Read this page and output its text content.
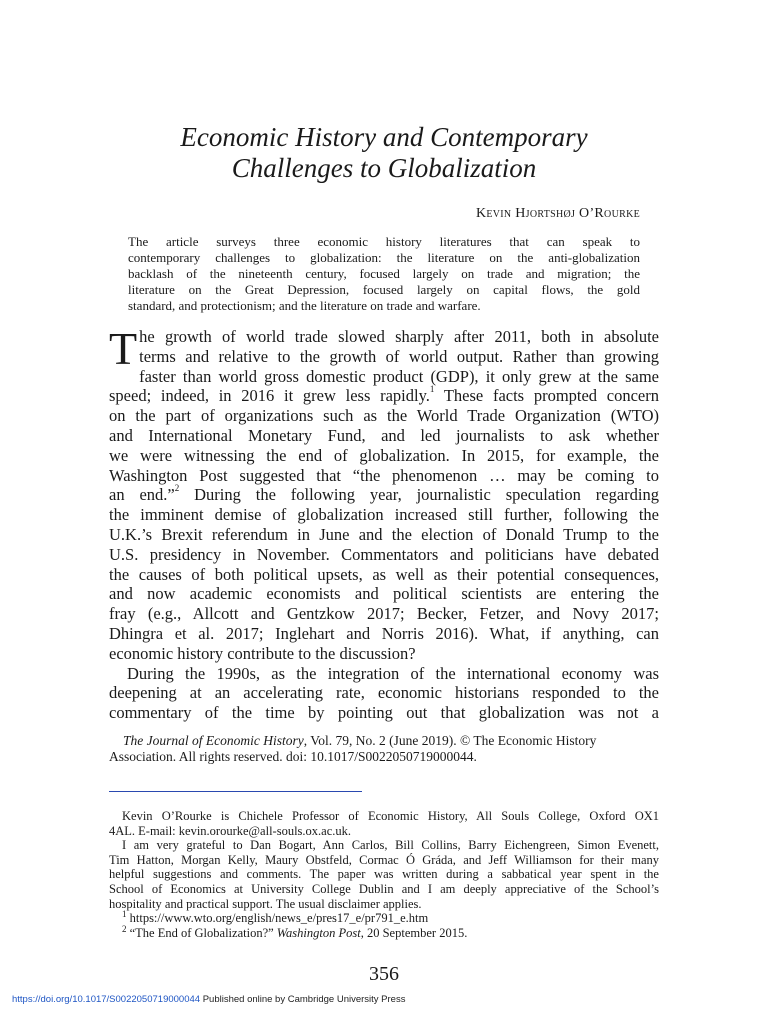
Economic History and Contemporary
Challenges to Globalization
Kevin Hjortshøj O’Rourke
The article surveys three economic history literatures that can speak to
contemporary challenges to globalization: the literature on the anti-globalization
backlash of the nineteenth century, focused largely on trade and migration; the
literature on the Great Depression, focused largely on capital flows, the gold
standard, and protectionism; and the literature on trade and warfare.
T he growth of world trade slowed sharply after 2011, both in absolute
terms and relative to the growth of world output. Rather than growing
faster than world gross domestic product (GDP), it only grew at the same
speed; indeed, in 2016 it grew less rapidly.$^1$ These facts prompted concern
on the part of organizations such as the World Trade Organization (WTO)
and International Monetary Fund, and led journalists to ask whether
we were witnessing the end of globalization. In 2015, for example, the
Washington Post suggested that “the phenomenon … may be coming to
an end.”$^2$ During the following year, journalistic speculation regarding
the imminent demise of globalization increased still further, following the
U.K.’s Brexit referendum in June and the election of Donald Trump to the
U.S. presidency in November. Commentators and politicians have debated
the causes of both political upsets, as well as their potential consequences,
and now academic economists and political scientists are entering the
fray (e.g., Allcott and Gentzkow 2017; Becker, Fetzer, and Novy 2017;
Dhingra et al. 2017; Inglehart and Norris 2016). What, if anything, can
economic history contribute to the discussion?
During the 1990s, as the integration of the international economy was
deepening at an accelerating rate, economic historians responded to the
commentary of the time by pointing out that globalization was not a
The Journal of Economic History, Vol. 79, No. 2 (June 2019). © The Economic History
Association. All rights reserved. doi: 10.1017/S0022050719000044.
Kevin O’Rourke is Chichele Professor of Economic History, All Souls College, Oxford OX1
4AL. E-mail: kevin.orourke@all-souls.ox.ac.uk.
I am very grateful to Dan Bogart, Ann Carlos, Bill Collins, Barry Eichengreen, Simon Evenett,
Tim Hatton, Morgan Kelly, Maury Obstfeld, Cormac Ó Gráda, and Jeff Williamson for their many
helpful suggestions and comments. The paper was written during a sabbatical year spent in the
School of Economics at University College Dublin and I am deeply appreciative of the School’s
hospitality and practical support. The usual disclaimer applies.
$^1$ https://www.wto.org/english/news_e/pres17_e/pr791_e.htm
$^2$ “The End of Globalization?” Washington Post, 20 September 2015.
356
https://doi.org/10.1017/S0022050719000044 Published online by Cambridge University Press
